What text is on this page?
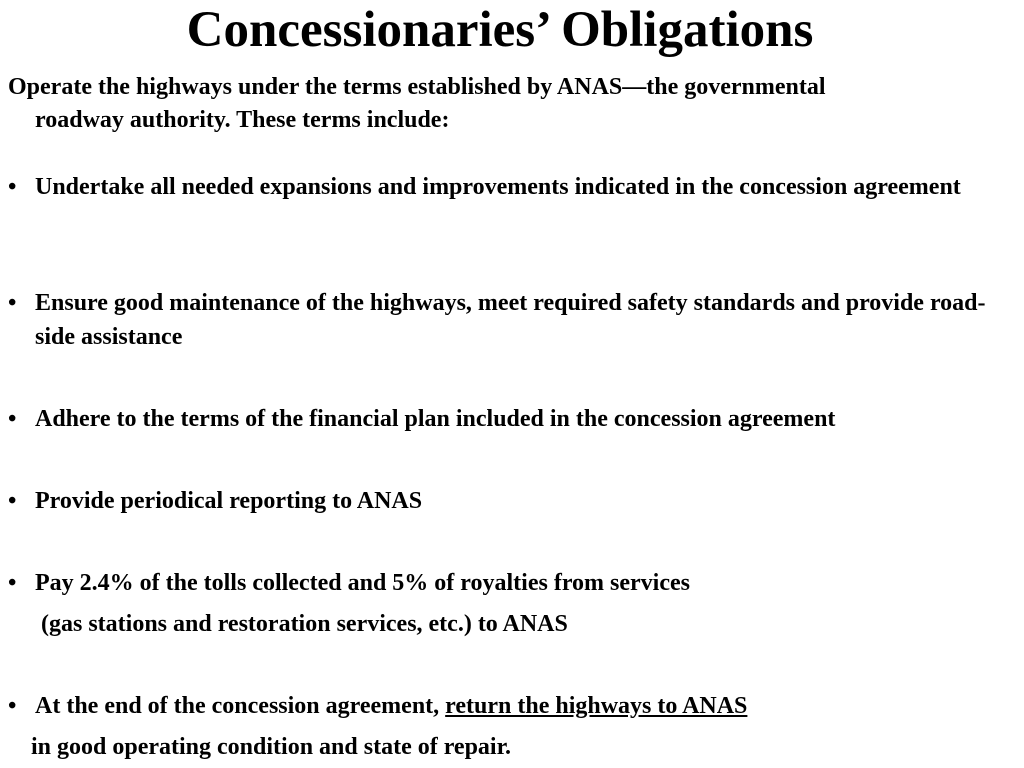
Concessionaries’ Obligations

Operate the highways under the terms established by ANAS—the governmental
roadway authority. These terms include:

• Undertake all needed expansions and improvements indicated in the concession agreement
• Ensure good maintenance of the highways, meet required safety standards and provide road-side assistance
• Adhere to the terms of the financial plan included in the concession agreement
• Provide periodical reporting to ANAS
• Pay 2.4% of the tolls collected and 5% of royalties from services
(gas stations and restoration services, etc.) to ANAS
• At the end of the concession agreement, return the highways to ANAS
in good operating condition and state of repair.
